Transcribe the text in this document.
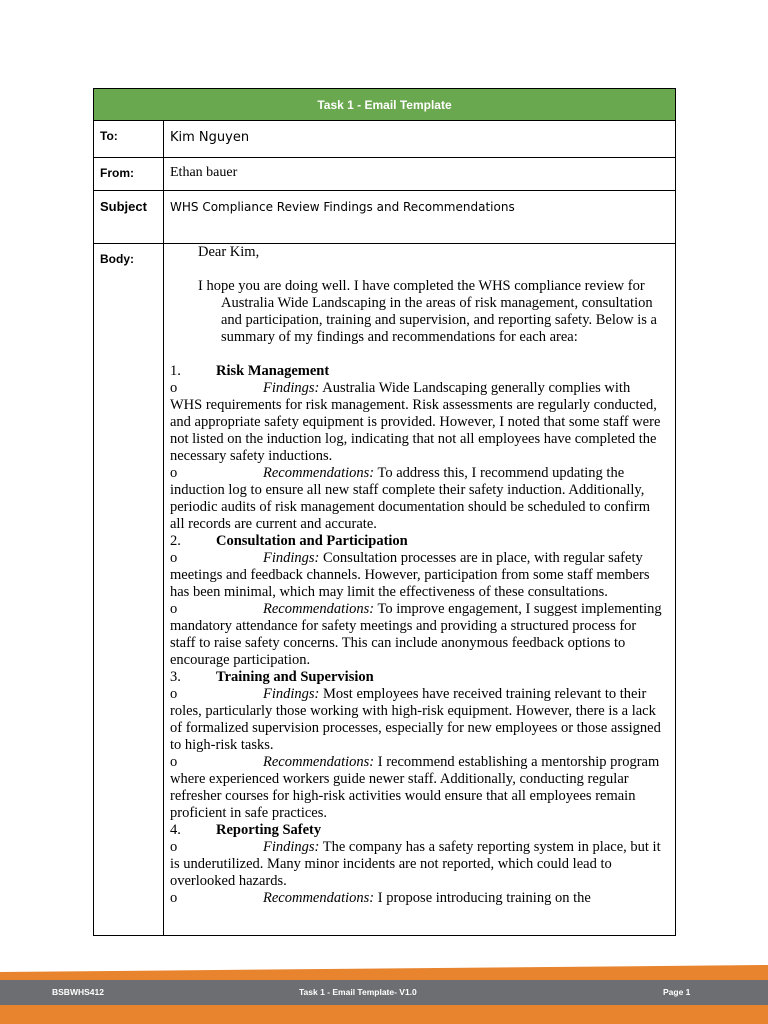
Task 1 - Email Template
To:	Kim Nguyen
From:	Ethan bauer
Subject	WHS Compliance Review Findings and Recommendations
Body:	Dear Kim,
I hope you are doing well. I have completed the WHS compliance review for Australia Wide Landscaping in the areas of risk management, consultation and participation, training and supervision, and reporting safety. Below is a summary of my findings and recommendations for each area:
1.	Risk Management
o	Findings: Australia Wide Landscaping generally complies with WHS requirements for risk management. Risk assessments are regularly conducted, and appropriate safety equipment is provided. However, I noted that some staff were not listed on the induction log, indicating that not all employees have completed the necessary safety inductions.
o	Recommendations: To address this, I recommend updating the induction log to ensure all new staff complete their safety induction. Additionally, periodic audits of risk management documentation should be scheduled to confirm all records are current and accurate.
2.	Consultation and Participation
o	Findings: Consultation processes are in place, with regular safety meetings and feedback channels. However, participation from some staff members has been minimal, which may limit the effectiveness of these consultations.
o	Recommendations: To improve engagement, I suggest implementing mandatory attendance for safety meetings and providing a structured process for staff to raise safety concerns. This can include anonymous feedback options to encourage participation.
3.	Training and Supervision
o	Findings: Most employees have received training relevant to their roles, particularly those working with high-risk equipment. However, there is a lack of formalized supervision processes, especially for new employees or those assigned to high-risk tasks.
o	Recommendations: I recommend establishing a mentorship program where experienced workers guide newer staff. Additionally, conducting regular refresher courses for high-risk activities would ensure that all employees remain proficient in safe practices.
4.	Reporting Safety
o	Findings: The company has a safety reporting system in place, but it is underutilized. Many minor incidents are not reported, which could lead to overlooked hazards.
o	Recommendations: I propose introducing training on the
BSBWHS412	Task 1 - Email Template- V1.0	Page 1
